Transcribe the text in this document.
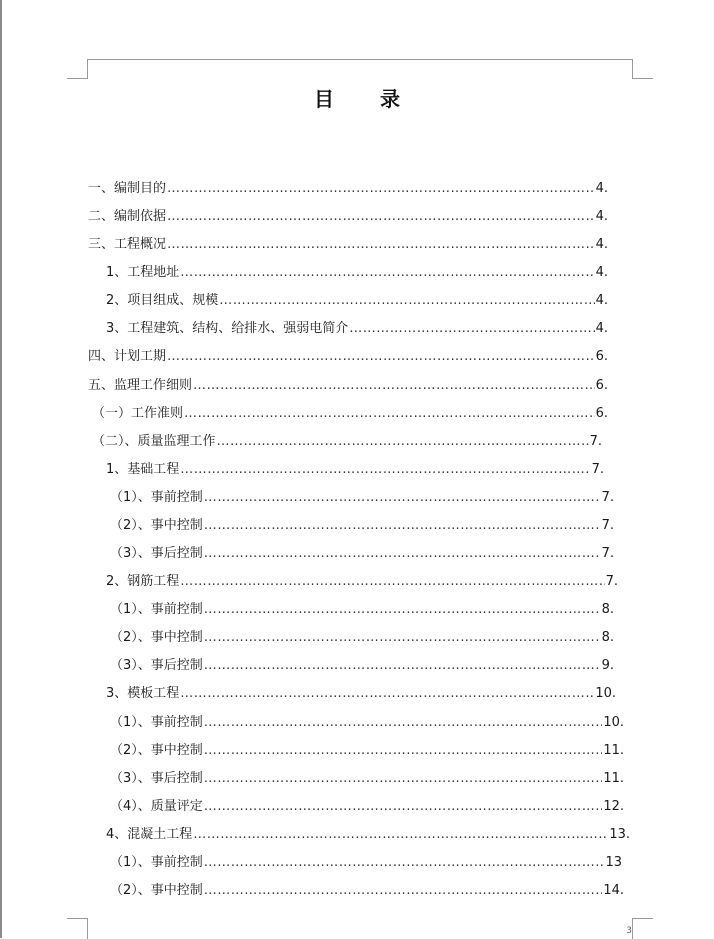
目 录
一、编制目的 ……………………………………………………………………………………………………………………………………………………………………………………………………………………………………………………	4.
二、编制依据 ……………………………………………………………………………………………………………………………………………………………………………………………………………………………………………………	4.
三、工程概况 ……………………………………………………………………………………………………………………………………………………………………………………………………………………………………………………	4.
1、工程地址 ……………………………………………………………………………………………………………………………………………………………………………………………………………………………………………………	4.
2、项目组成、规模 ……………………………………………………………………………………………………………………………………………………………………………………………………………………………………………………	4.
3、工程建筑、结构、给排水、强弱电简介 ……………………………………………………………………………………………………………………………………………………………………………………………………………………………………………………	4.
四、计划工期 ……………………………………………………………………………………………………………………………………………………………………………………………………………………………………………………	6.
五、监理工作细则 ……………………………………………………………………………………………………………………………………………………………………………………………………………………………………………………	6.
（一）工作准则 ……………………………………………………………………………………………………………………………………………………………………………………………………………………………………………………	6.
（二）、质量监理工作 ……………………………………………………………………………………………………………………………………………………………………………………………………………………………………………………	7.
1、基础工程 ……………………………………………………………………………………………………………………………………………………………………………………………………………………………………………………	7.
（1）、事前控制 ……………………………………………………………………………………………………………………………………………………………………………………………………………………………………………………	7.
（2）、事中控制 ……………………………………………………………………………………………………………………………………………………………………………………………………………………………………………………	7.
（3）、事后控制 ……………………………………………………………………………………………………………………………………………………………………………………………………………………………………………………	7.
2、钢筋工程 ……………………………………………………………………………………………………………………………………………………………………………………………………………………………………………………	7.
（1）、事前控制 ……………………………………………………………………………………………………………………………………………………………………………………………………………………………………………………	8.
（2）、事中控制 ……………………………………………………………………………………………………………………………………………………………………………………………………………………………………………………	8.
（3）、事后控制 ……………………………………………………………………………………………………………………………………………………………………………………………………………………………………………………	9.
3、模板工程 ……………………………………………………………………………………………………………………………………………………………………………………………………………………………………………………	10.
（1）、事前控制 ……………………………………………………………………………………………………………………………………………………………………………………………………………………………………………………	10.
（2）、事中控制 ……………………………………………………………………………………………………………………………………………………………………………………………………………………………………………………	11.
（3）、事后控制 ……………………………………………………………………………………………………………………………………………………………………………………………………………………………………………………	11.
（4）、质量评定 ……………………………………………………………………………………………………………………………………………………………………………………………………………………………………………………	12.
4、混凝土工程 ……………………………………………………………………………………………………………………………………………………………………………………………………………………………………………………	13.
（1）、事前控制 ……………………………………………………………………………………………………………………………………………………………………………………………………………………………………………………	13
（2）、事中控制 ……………………………………………………………………………………………………………………………………………………………………………………………………………………………………………………	14.
3
